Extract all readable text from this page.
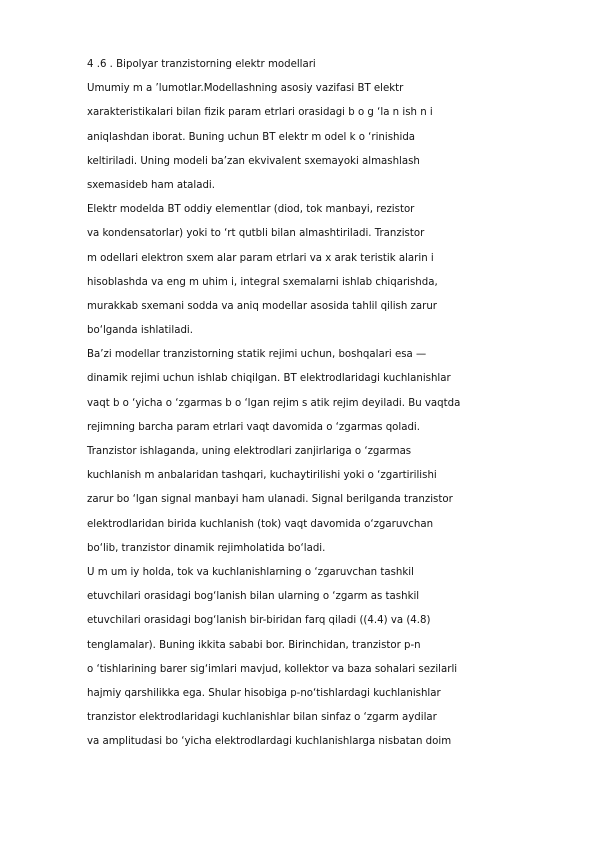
4 .6 . Bipolyar tranzistorning elektr modellari
Umumiy m a ’lumotlar.Modellashning asosiy vazifasi BT elektr
xarakteristikalari bilan fizik param etrlari orasidagi b o g ‘la n ish n i
aniqlashdan iborat. Buning uchun BT elektr m odel k o ‘rinishida
keltiriladi. Uning modeli ba’zan ekvivalent sxemayoki almashlash
sxemasideb ham ataladi.
Elektr modelda BT oddiy elementlar (diod, tok manbayi, rezistor
va kondensatorlar) yoki to ‘rt qutbli bilan almashtiriladi. Tranzistor
m odellari elektron sxem alar param etrlari va x arak teristik alarin i
hisoblashda va eng m uhim i, integral sxemalarni ishlab chiqarishda,
murakkab sxemani sodda va aniq modellar asosida tahlil qilish zarur
bo‘lganda ishlatiladi.
Ba’zi modellar tranzistorning statik rejimi uchun, boshqalari esa —
dinamik rejimi uchun ishlab chiqilgan. BT elektrodlaridagi kuchlanishlar
vaqt b o ‘yicha o ‘zgarmas b o ‘lgan rejim s atik rejim deyiladi. Bu vaqtda
rejimning barcha param etrlari vaqt davomida o ‘zgarmas qoladi.
Tranzistor ishlaganda, uning elektrodlari zanjirlariga o ‘zgarmas
kuchlanish m anbalaridan tashqari, kuchaytirilishi yoki o ‘zgartirilishi
zarur bo ‘lgan signal manbayi ham ulanadi. Signal berilganda tranzistor
elektrodlaridan birida kuchlanish (tok) vaqt davomida o‘zgaruvchan
bo‘lib, tranzistor dinamik rejimholatida bo‘ladi.
U m um iy holda, tok va kuchlanishlarning o ‘zgaruvchan tashkil
etuvchilari orasidagi bog‘lanish bilan ularning o ‘zgarm as tashkil
etuvchilari orasidagi bog‘lanish bir-biridan farq qiladi ((4.4) va (4.8)
tenglamalar). Buning ikkita sababi bor. Birinchidan, tranzistor p-n
o ‘tishlarining barer sig‘imlari mavjud, kollektor va baza sohalari sezilarli
hajmiy qarshilikka ega. Shular hisobiga p-no‘tishlardagi kuchlanishlar
tranzistor elektrodlaridagi kuchlanishlar bilan sinfaz o ‘zgarm aydilar
va amplitudasi bo ‘yicha elektrodlardagi kuchlanishlarga nisbatan doim
